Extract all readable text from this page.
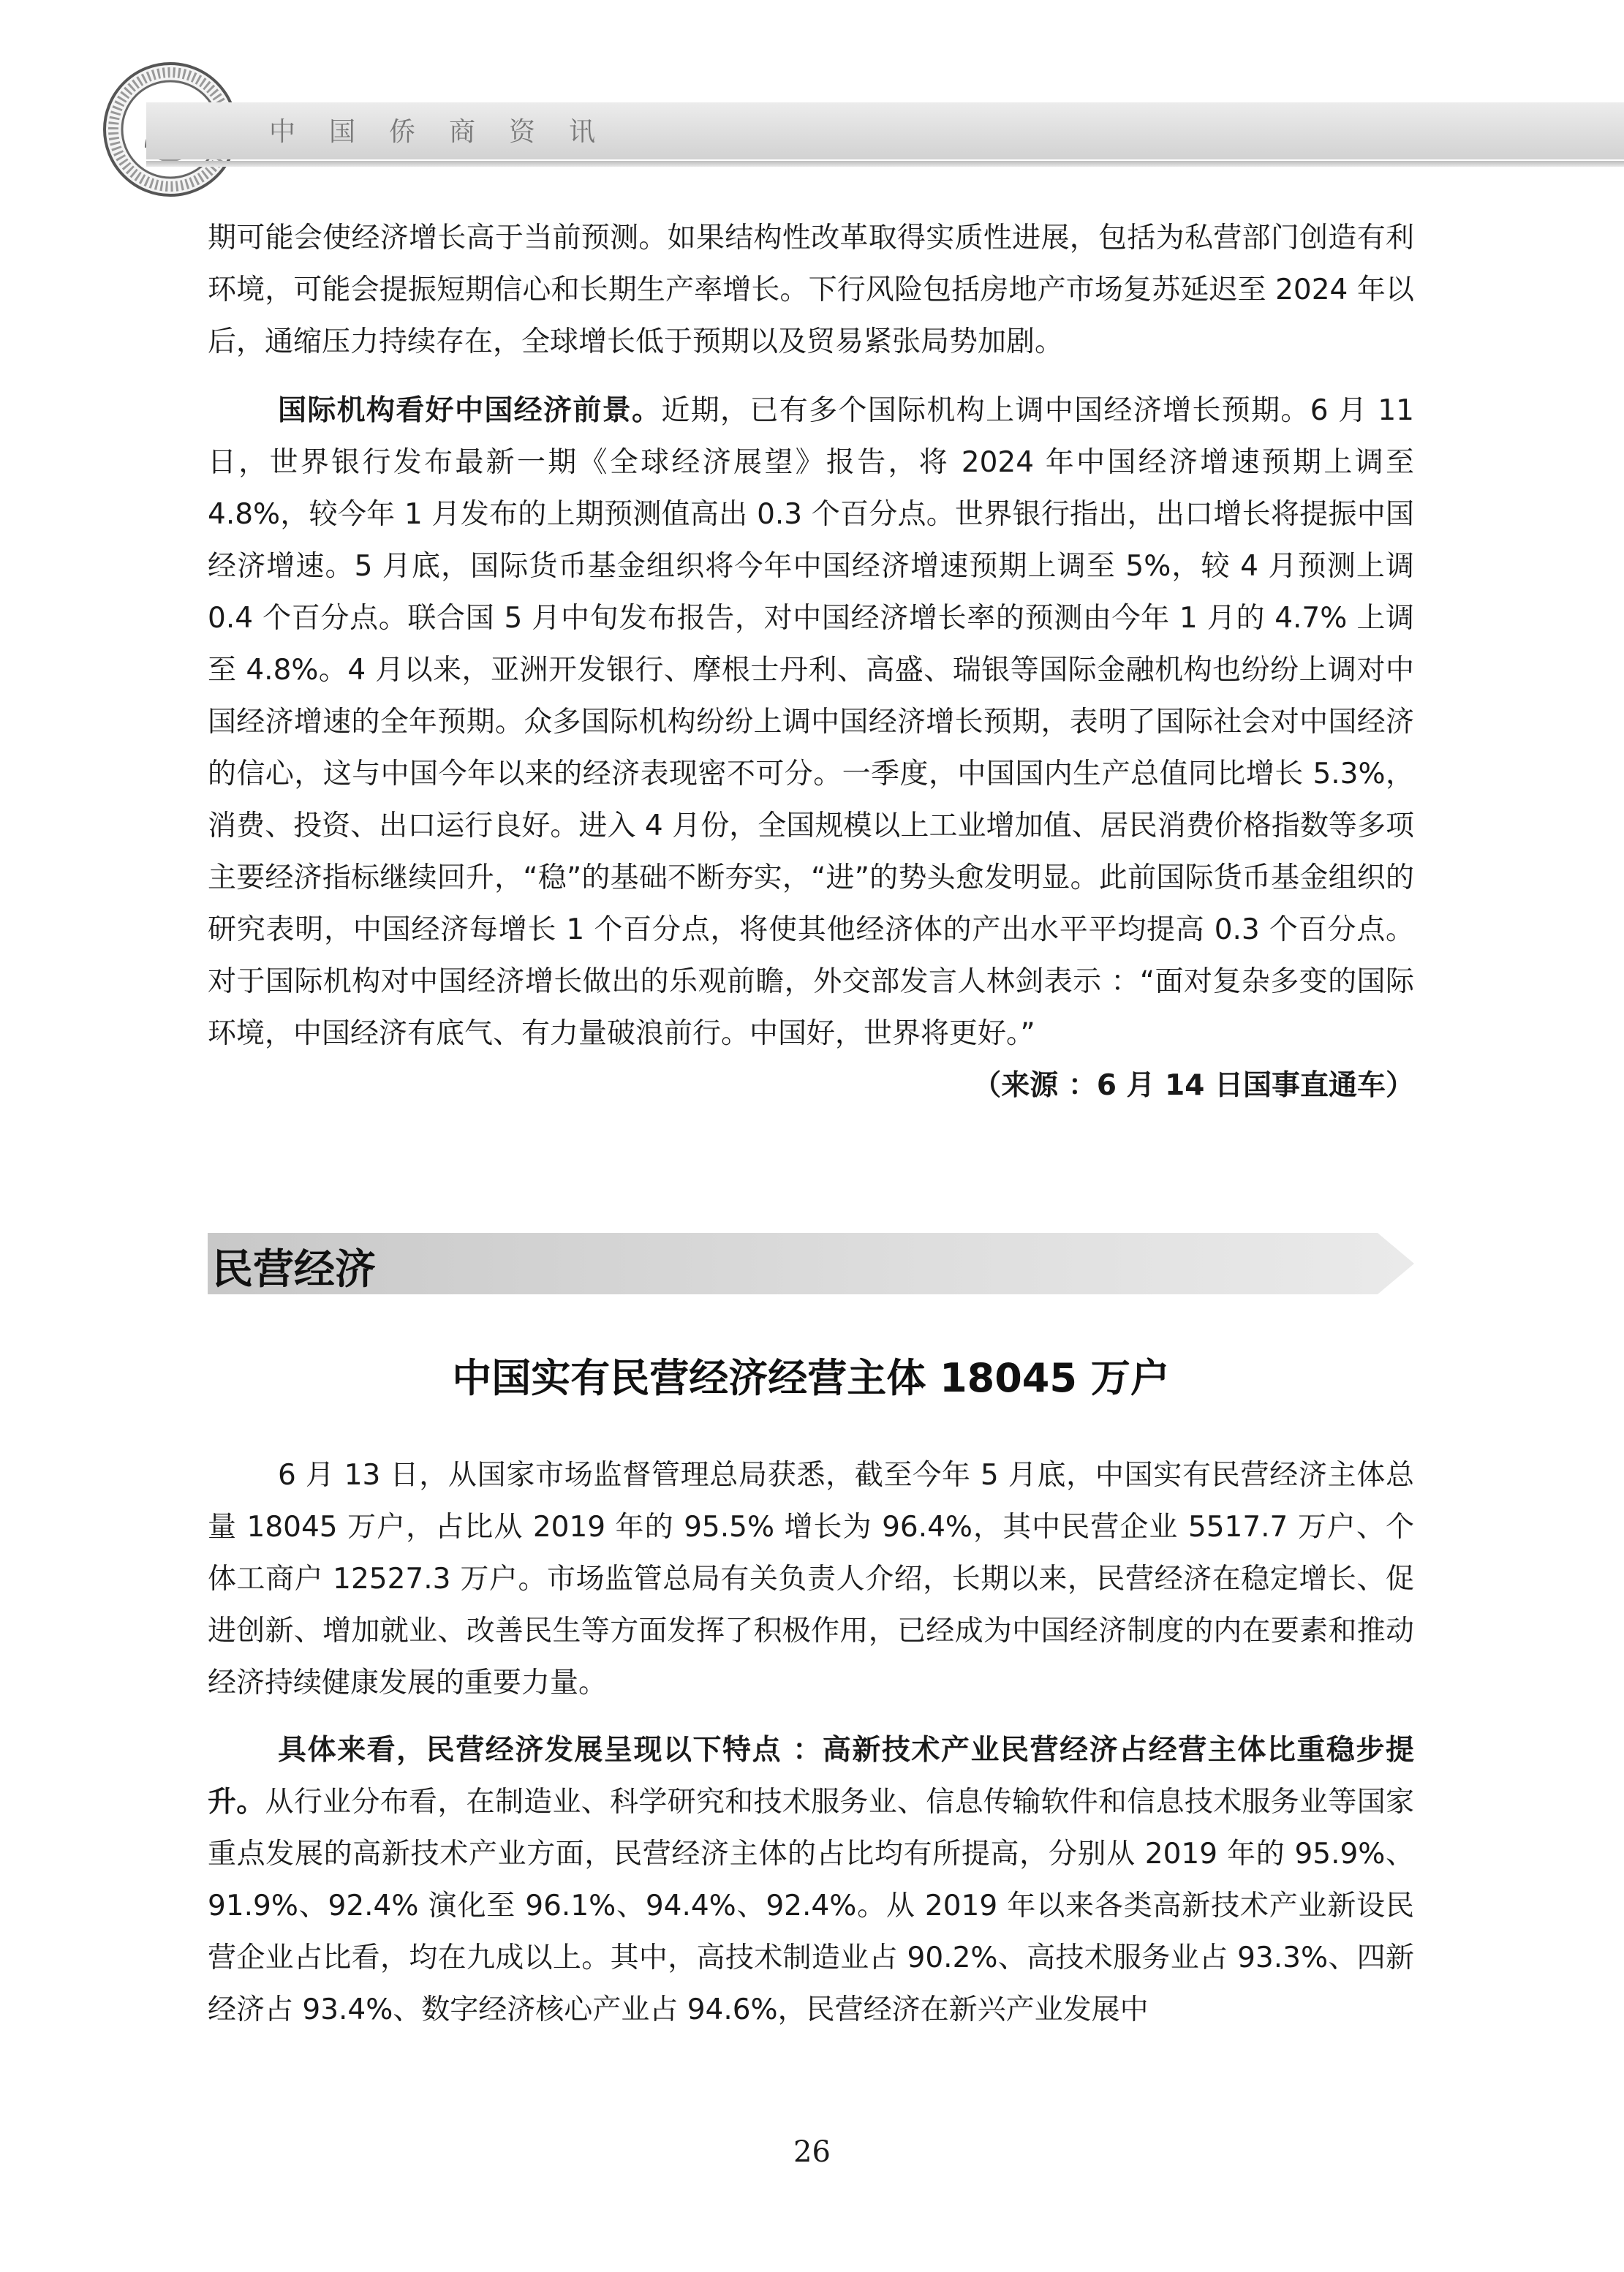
中国侨商资讯

期可能会使经济增长高于当前预测。如果结构性改革取得实质性进展，包括为私营部门创造有利环境，可能会提振短期信心和长期生产率增长。下行风险包括房地产市场复苏延迟至 2024 年以后，通缩压力持续存在，全球增长低于预期以及贸易紧张局势加剧。

国际机构看好中国经济前景。近期，已有多个国际机构上调中国经济增长预期。6 月 11 日，世界银行发布最新一期《全球经济展望》报告，将 2024 年中国经济增速预期上调至 4.8%，较今年 1 月发布的上期预测值高出 0.3 个百分点。世界银行指出，出口增长将提振中国经济增速。5 月底，国际货币基金组织将今年中国经济增速预期上调至 5%，较 4 月预测上调 0.4 个百分点。联合国 5 月中旬发布报告，对中国经济增长率的预测由今年 1 月的 4.7% 上调至 4.8%。4 月以来，亚洲开发银行、摩根士丹利、高盛、瑞银等国际金融机构也纷纷上调对中国经济增速的全年预期。众多国际机构纷纷上调中国经济增长预期，表明了国际社会对中国经济的信心，这与中国今年以来的经济表现密不可分。一季度，中国国内生产总值同比增长 5.3%，消费、投资、出口运行良好。进入 4 月份，全国规模以上工业增加值、居民消费价格指数等多项主要经济指标继续回升，“稳”的基础不断夯实，“进”的势头愈发明显。此前国际货币基金组织的研究表明，中国经济每增长 1 个百分点，将使其他经济体的产出水平平均提高 0.3 个百分点。对于国际机构对中国经济增长做出的乐观前瞻，外交部发言人林剑表示 ：“面对复杂多变的国际环境，中国经济有底气、有力量破浪前行。中国好，世界将更好。”

（来源 ：6 月 14 日国事直通车）

民营经济
中国实有民营经济经营主体 18045 万户

6 月 13 日，从国家市场监督管理总局获悉，截至今年 5 月底，中国实有民营经济主体总量 18045 万户，占比从 2019 年的 95.5% 增长为 96.4%，其中民营企业 5517.7 万户、个体工商户 12527.3 万户。市场监管总局有关负责人介绍，长期以来，民营经济在稳定增长、促进创新、增加就业、改善民生等方面发挥了积极作用，已经成为中国经济制度的内在要素和推动经济持续健康发展的重要力量。

具体来看，民营经济发展呈现以下特点 ：高新技术产业民营经济占经营主体比重稳步提升。从行业分布看，在制造业、科学研究和技术服务业、信息传输软件和信息技术服务业等国家重点发展的高新技术产业方面，民营经济主体的占比均有所提高，分别从 2019 年的 95.9%、91.9%、92.4% 演化至 96.1%、94.4%、92.4%。从 2019 年以来各类高新技术产业新设民营企业占比看，均在九成以上。其中，高技术制造业占 90.2%、高技术服务业占 93.3%、四新经济占 93.4%、数字经济核心产业占 94.6%，民营经济在新兴产业发展中

26
